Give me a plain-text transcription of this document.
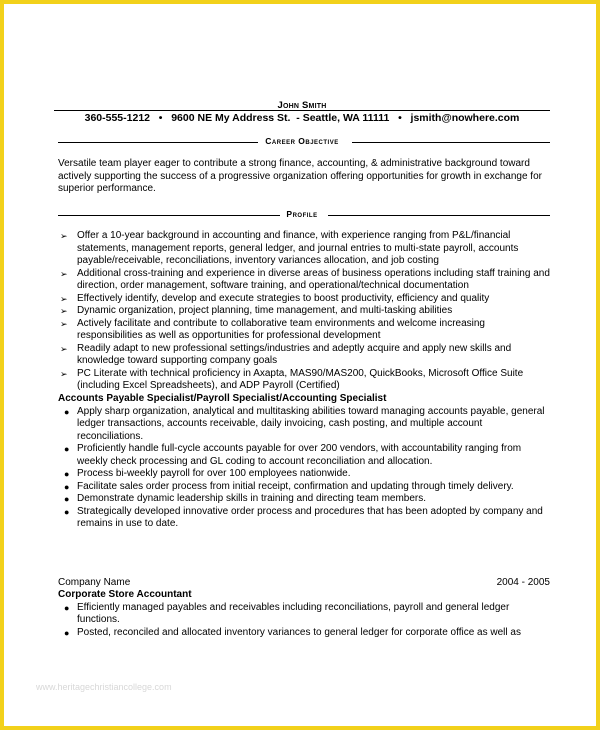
John Smith
360-555-1212 • 9600 NE My Address St.  - Seattle, WA 11111 • jsmith@nowhere.com
Career Objective
Versatile team player eager to contribute a strong finance, accounting, & administrative background toward actively supporting the success of a progressive organization offering opportunities for growth in exchange for superior performance.
Profile
➢ Offer a 10-year background in accounting and finance, with experience ranging from P&L/financial statements, management reports, general ledger, and journal entries to multi-state payroll, accounts payable/receivable, reconciliations, inventory variances allocation, and job costing
➢ Additional cross-training and experience in diverse areas of business operations including staff training and direction, order management, software training, and operational/technical documentation
➢ Effectively identify, develop and execute strategies to boost productivity, efficiency and quality
➢ Dynamic organization, project planning, time management, and multi-tasking abilities
➢ Actively facilitate and contribute to collaborative team environments and welcome increasing responsibilities as well as opportunities for professional development
➢ Readily adapt to new professional settings/industries and adeptly acquire and apply new skills and knowledge toward supporting company goals
➢ PC Literate with technical proficiency in Axapta, MAS90/MAS200, QuickBooks, Microsoft Office Suite (including Excel Spreadsheets), and ADP Payroll (Certified)
Accounts Payable Specialist/Payroll Specialist/Accounting Specialist
● Apply sharp organization, analytical and multitasking abilities toward managing accounts payable, general ledger transactions, accounts receivable, daily invoicing, cash posting, and multiple account reconciliations.
● Proficiently handle full-cycle accounts payable for over 200 vendors, with accountability ranging from weekly check processing and GL coding to account reconciliation and allocation.
● Process bi-weekly payroll for over 100 employees nationwide.
● Facilitate sales order process from initial receipt, confirmation and updating through timely delivery.
● Demonstrate dynamic leadership skills in training and directing team members.
● Strategically developed innovative order process and procedures that has been adopted by company and remains in use to date.
Company Name	2004 - 2005
Corporate Store Accountant
● Efficiently managed payables and receivables including reconciliations, payroll and general ledger functions.
● Posted, reconciled and allocated inventory variances to general ledger for corporate office as well as
www.heritagechristiancollege.com
